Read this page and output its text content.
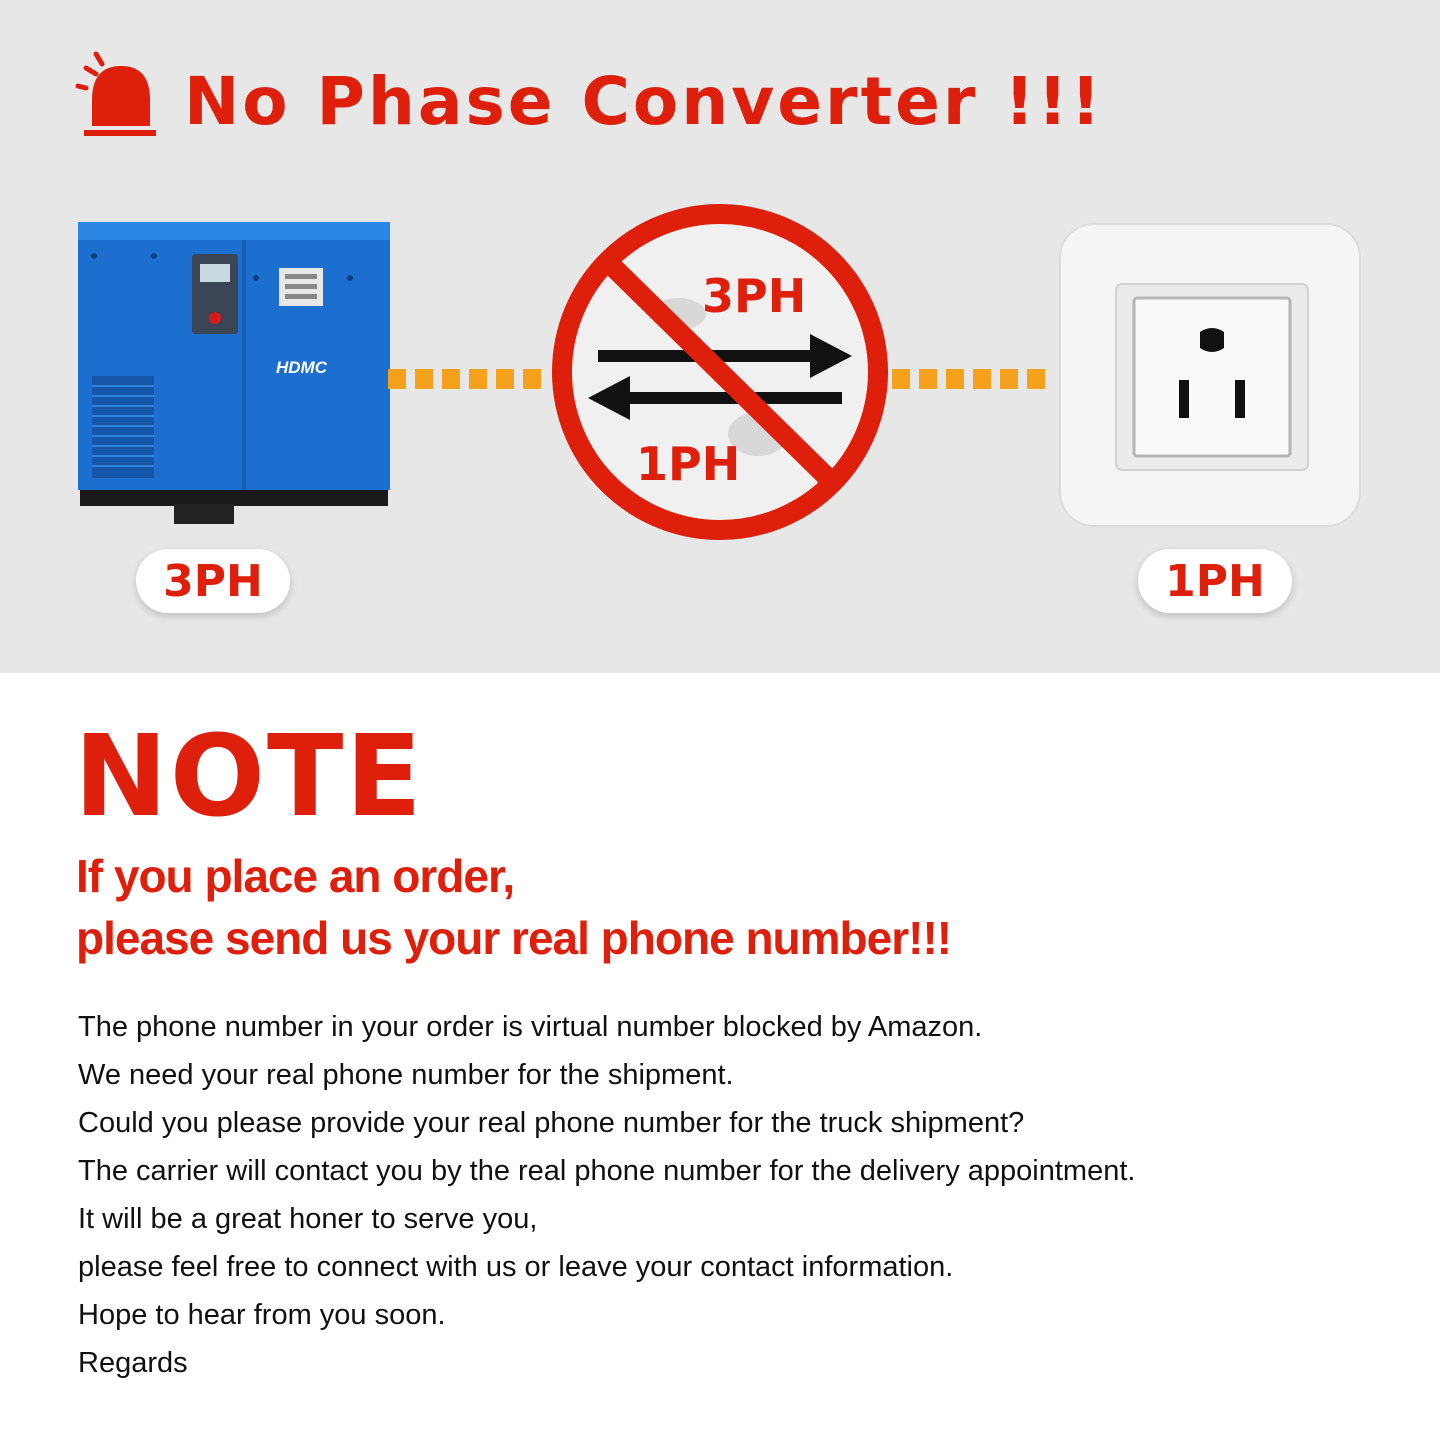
No Phase Converter !!!
HDMC
3PH
1PH
3PH	1PH
NOTE
If you place an order,
please send us your real phone number!!!
The phone number in your order is virtual number blocked by Amazon.
We need your real phone number for the shipment.
Could you please provide your real phone number for the truck shipment?
The carrier will contact you by the real phone number for the delivery appointment.
It will be a great honer to serve you,
please feel free to connect with us or leave your contact information.
Hope to hear from you soon.
Regards
